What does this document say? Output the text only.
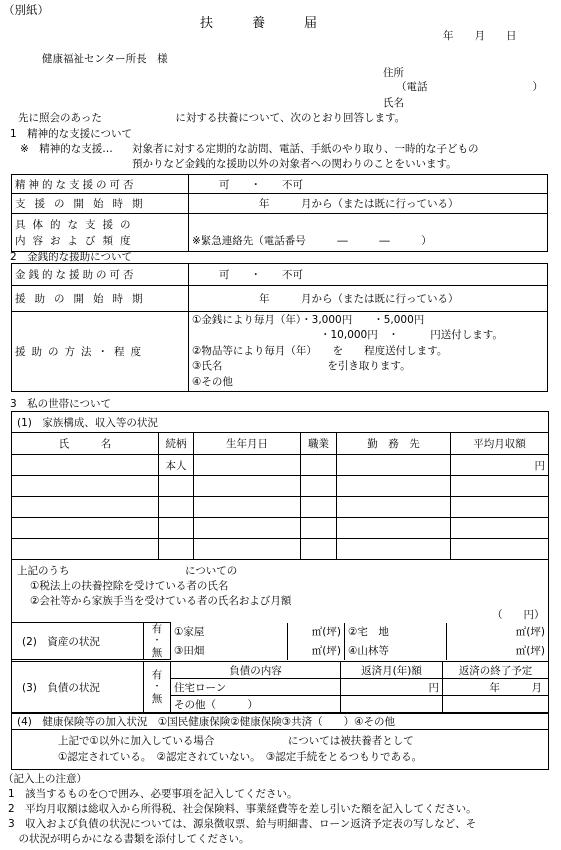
（別紙）
扶　　　養　　　届
年　　月　　日
健康福祉センター所長　様
住所
（電話　　　　　　　　　　）
氏名
先に照会のあった　　　　　　　に対する扶養について、次のとおり回答します。
1　精神的な支援について
※　精神的な支援… 対象者に対する定期的な訪問、電話、手紙のやり取り、一時的な子どもの
預かりなど金銭的な援助以外の対象者への関わりのことをいいます。
精神的な支援の可否	可　　・　　不可
支援の開始時期	年　　　月から（または既に行っている）

具体的な支援の
内容および頻度	※緊急連絡先（電話番号　　　―　　　―　　　）
2　金銭的な援助について
金銭的な援助の可否	可　　・　　不可
援助の開始時期	年　　　月から（または既に行っている）
援助の方法・程度	①金銭により毎月（年）・3,000円　　・5,000円
・10,000円　・　　　円送付します。
②物品等により毎月（年）　　を　　程度送付します。
③氏名　　　　　　　　　　を引き取ります。
④その他
3　私の世帯について
(1)　家族構成、収入等の状況
氏　　　名	続柄	生年月日	職業	勤　務　先	平均月収額
	本人				円

上記のうち　　　　　　　　　　　についての
①税法上の扶養控除を受けている者の氏名
②会社等から家族手当を受けている者の氏名および月額
（　　円）
(2)　資産の状況	有
・
無	①家屋	㎡(坪)	②宅　地	㎡(坪)
		③田畑	㎡(坪)	④山林等	㎡(坪)
(3)　負債の状況	有
・
無	負債の内容	返済月(年)額	返済の終了予定
		住宅ローン	円	年　　　月
		その他（　　　）		
(4)　健康保険等の加入状況　①国民健康保険②健康保険③共済（　　）④その他
上記で①以外に加入している場合　　　　　　　については被扶養者として
①認定されている。　②認定されていない。　③認定手続をとるつもりである。
（記入上の注意）
1　該当するものを○で囲み、必要事項を記入してください。
2　平均月収額は総収入から所得税、社会保険料、事業経費等を差し引いた額を記入してください。
3　収入および負債の状況については、源泉徴収票、給与明細書、ローン返済予定表の写しなど、そ
　の状況が明らかになる書類を添付してください。
